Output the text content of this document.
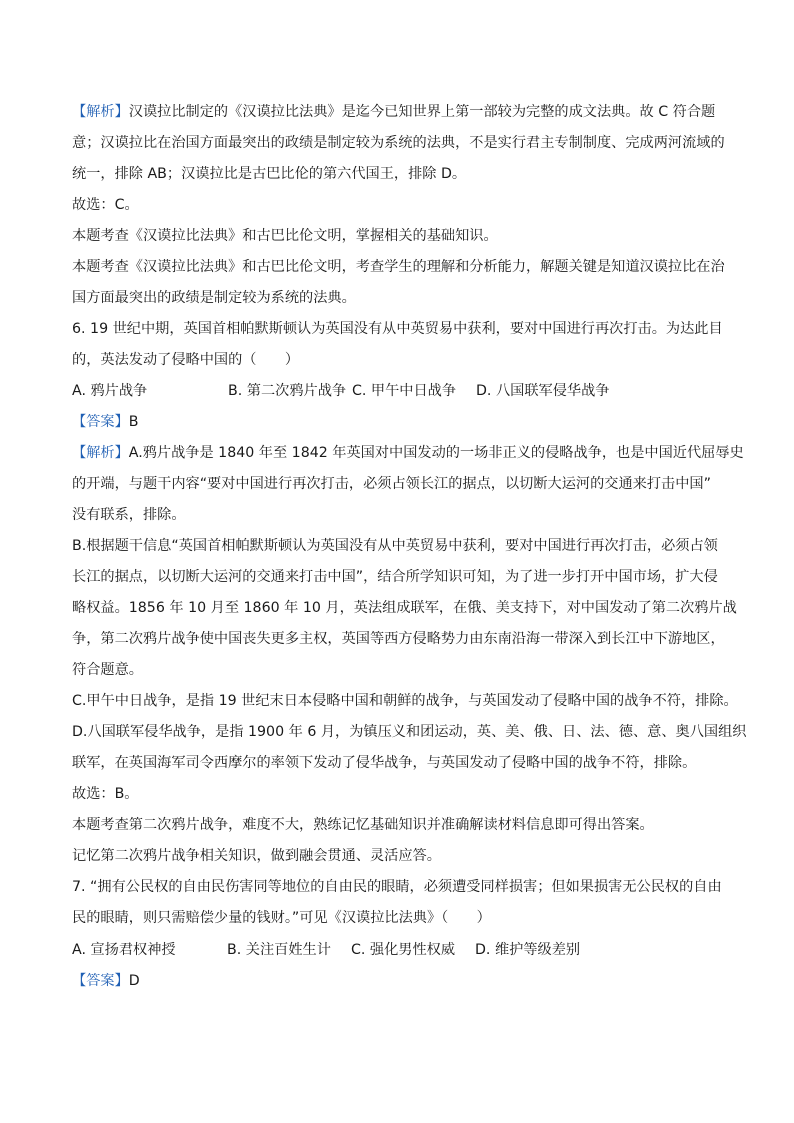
【解析】汉谟拉比制定的《汉谟拉比法典》是迄今已知世界上第一部较为完整的成文法典。故 C 符合题
意；汉谟拉比在治国方面最突出的政绩是制定较为系统的法典，不是实行君主专制制度、完成两河流域的
统一，排除 AB；汉谟拉比是古巴比伦的第六代国王，排除 D。
故选：C。
本题考查《汉谟拉比法典》和古巴比伦文明，掌握相关的基础知识。
本题考查《汉谟拉比法典》和古巴比伦文明，考查学生的理解和分析能力，解题关键是知道汉谟拉比在治
国方面最突出的政绩是制定较为系统的法典。
6. 19 世纪中期，英国首相帕默斯顿认为英国没有从中英贸易中获利，要对中国进行再次打击。为达此目
的，英法发动了侵略中国的（　　）
A. 鸦片战争	B. 第二次鸦片战争 C. 甲午中日战争 D. 八国联军侵华战争
【答案】B
【解析】A.鸦片战争是 1840 年至 1842 年英国对中国发动的一场非正义的侵略战争，也是中国近代屈辱史
的开端，与题干内容“要对中国进行再次打击，必须占领长江的据点，以切断大运河的交通来打击中国”
没有联系，排除。
B.根据题干信息“英国首相帕默斯顿认为英国没有从中英贸易中获利，要对中国进行再次打击，必须占领
长江的据点，以切断大运河的交通来打击中国”，结合所学知识可知，为了进一步打开中国市场，扩大侵
略权益。1856 年 10 月至 1860 年 10 月，英法组成联军，在俄、美支持下，对中国发动了第二次鸦片战
争，第二次鸦片战争使中国丧失更多主权，英国等西方侵略势力由东南沿海一带深入到长江中下游地区，
符合题意。
C.甲午中日战争，是指 19 世纪末日本侵略中国和朝鲜的战争，与英国发动了侵略中国的战争不符，排除。
D.八国联军侵华战争，是指 1900 年 6 月，为镇压义和团运动，英、美、俄、日、法、德、意、奥八国组织
联军，在英国海军司令西摩尔的率领下发动了侵华战争，与英国发动了侵略中国的战争不符，排除。
故选：B。
本题考查第二次鸦片战争，难度不大，熟练记忆基础知识并准确解读材料信息即可得出答案。
记忆第二次鸦片战争相关知识，做到融会贯通、灵活应答。
7. “拥有公民权的自由民伤害同等地位的自由民的眼睛，必须遭受同样损害；但如果损害无公民权的自由
民的眼睛，则只需赔偿少量的钱财。”可见《汉谟拉比法典》（　　）
A. 宣扬君权神授	B. 关注百姓生计 C. 强化男性权威 D. 维护等级差别
【答案】D
